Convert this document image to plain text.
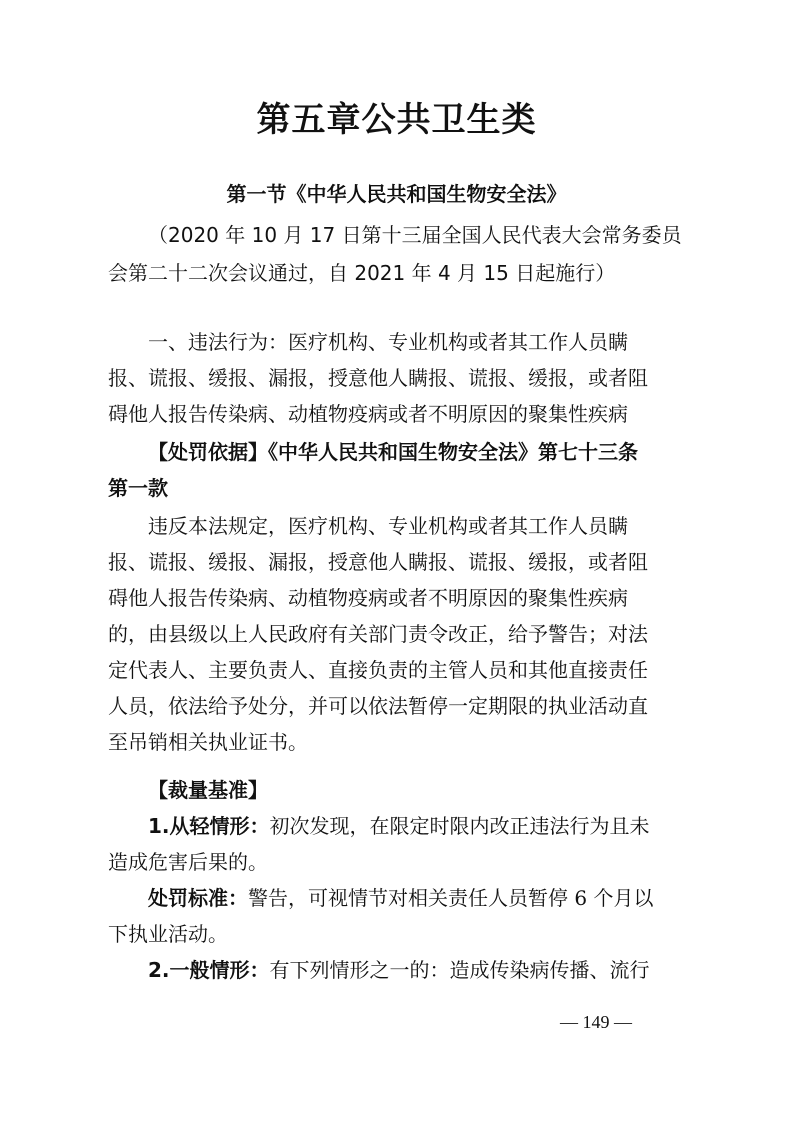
第五章公共卫生类
第一节《中华人民共和国生物安全法》
（2020 年 10 月 17 日第十三届全国人民代表大会常务委员会第二十二次会议通过，自 2021 年 4 月 15 日起施行）
一、违法行为：医疗机构、专业机构或者其工作人员瞒
报、谎报、缓报、漏报，授意他人瞒报、谎报、缓报，或者阻
碍他人报告传染病、动植物疫病或者不明原因的聚集性疾病
【处罚依据】《中华人民共和国生物安全法》第七十三条
第一款
违反本法规定，医疗机构、专业机构或者其工作人员瞒
报、谎报、缓报、漏报，授意他人瞒报、谎报、缓报，或者阻
碍他人报告传染病、动植物疫病或者不明原因的聚集性疾病
的，由县级以上人民政府有关部门责令改正，给予警告；对法
定代表人、主要负责人、直接负责的主管人员和其他直接责任
人员，依法给予处分，并可以依法暂停一定期限的执业活动直
至吊销相关执业证书。
【裁量基准】
1.从轻情形：初次发现，在限定时限内改正违法行为且未
造成危害后果的。
处罚标准：警告，可视情节对相关责任人员暂停 6 个月以
下执业活动。
2.一般情形：有下列情形之一的：造成传染病传播、流行
— 149 —
